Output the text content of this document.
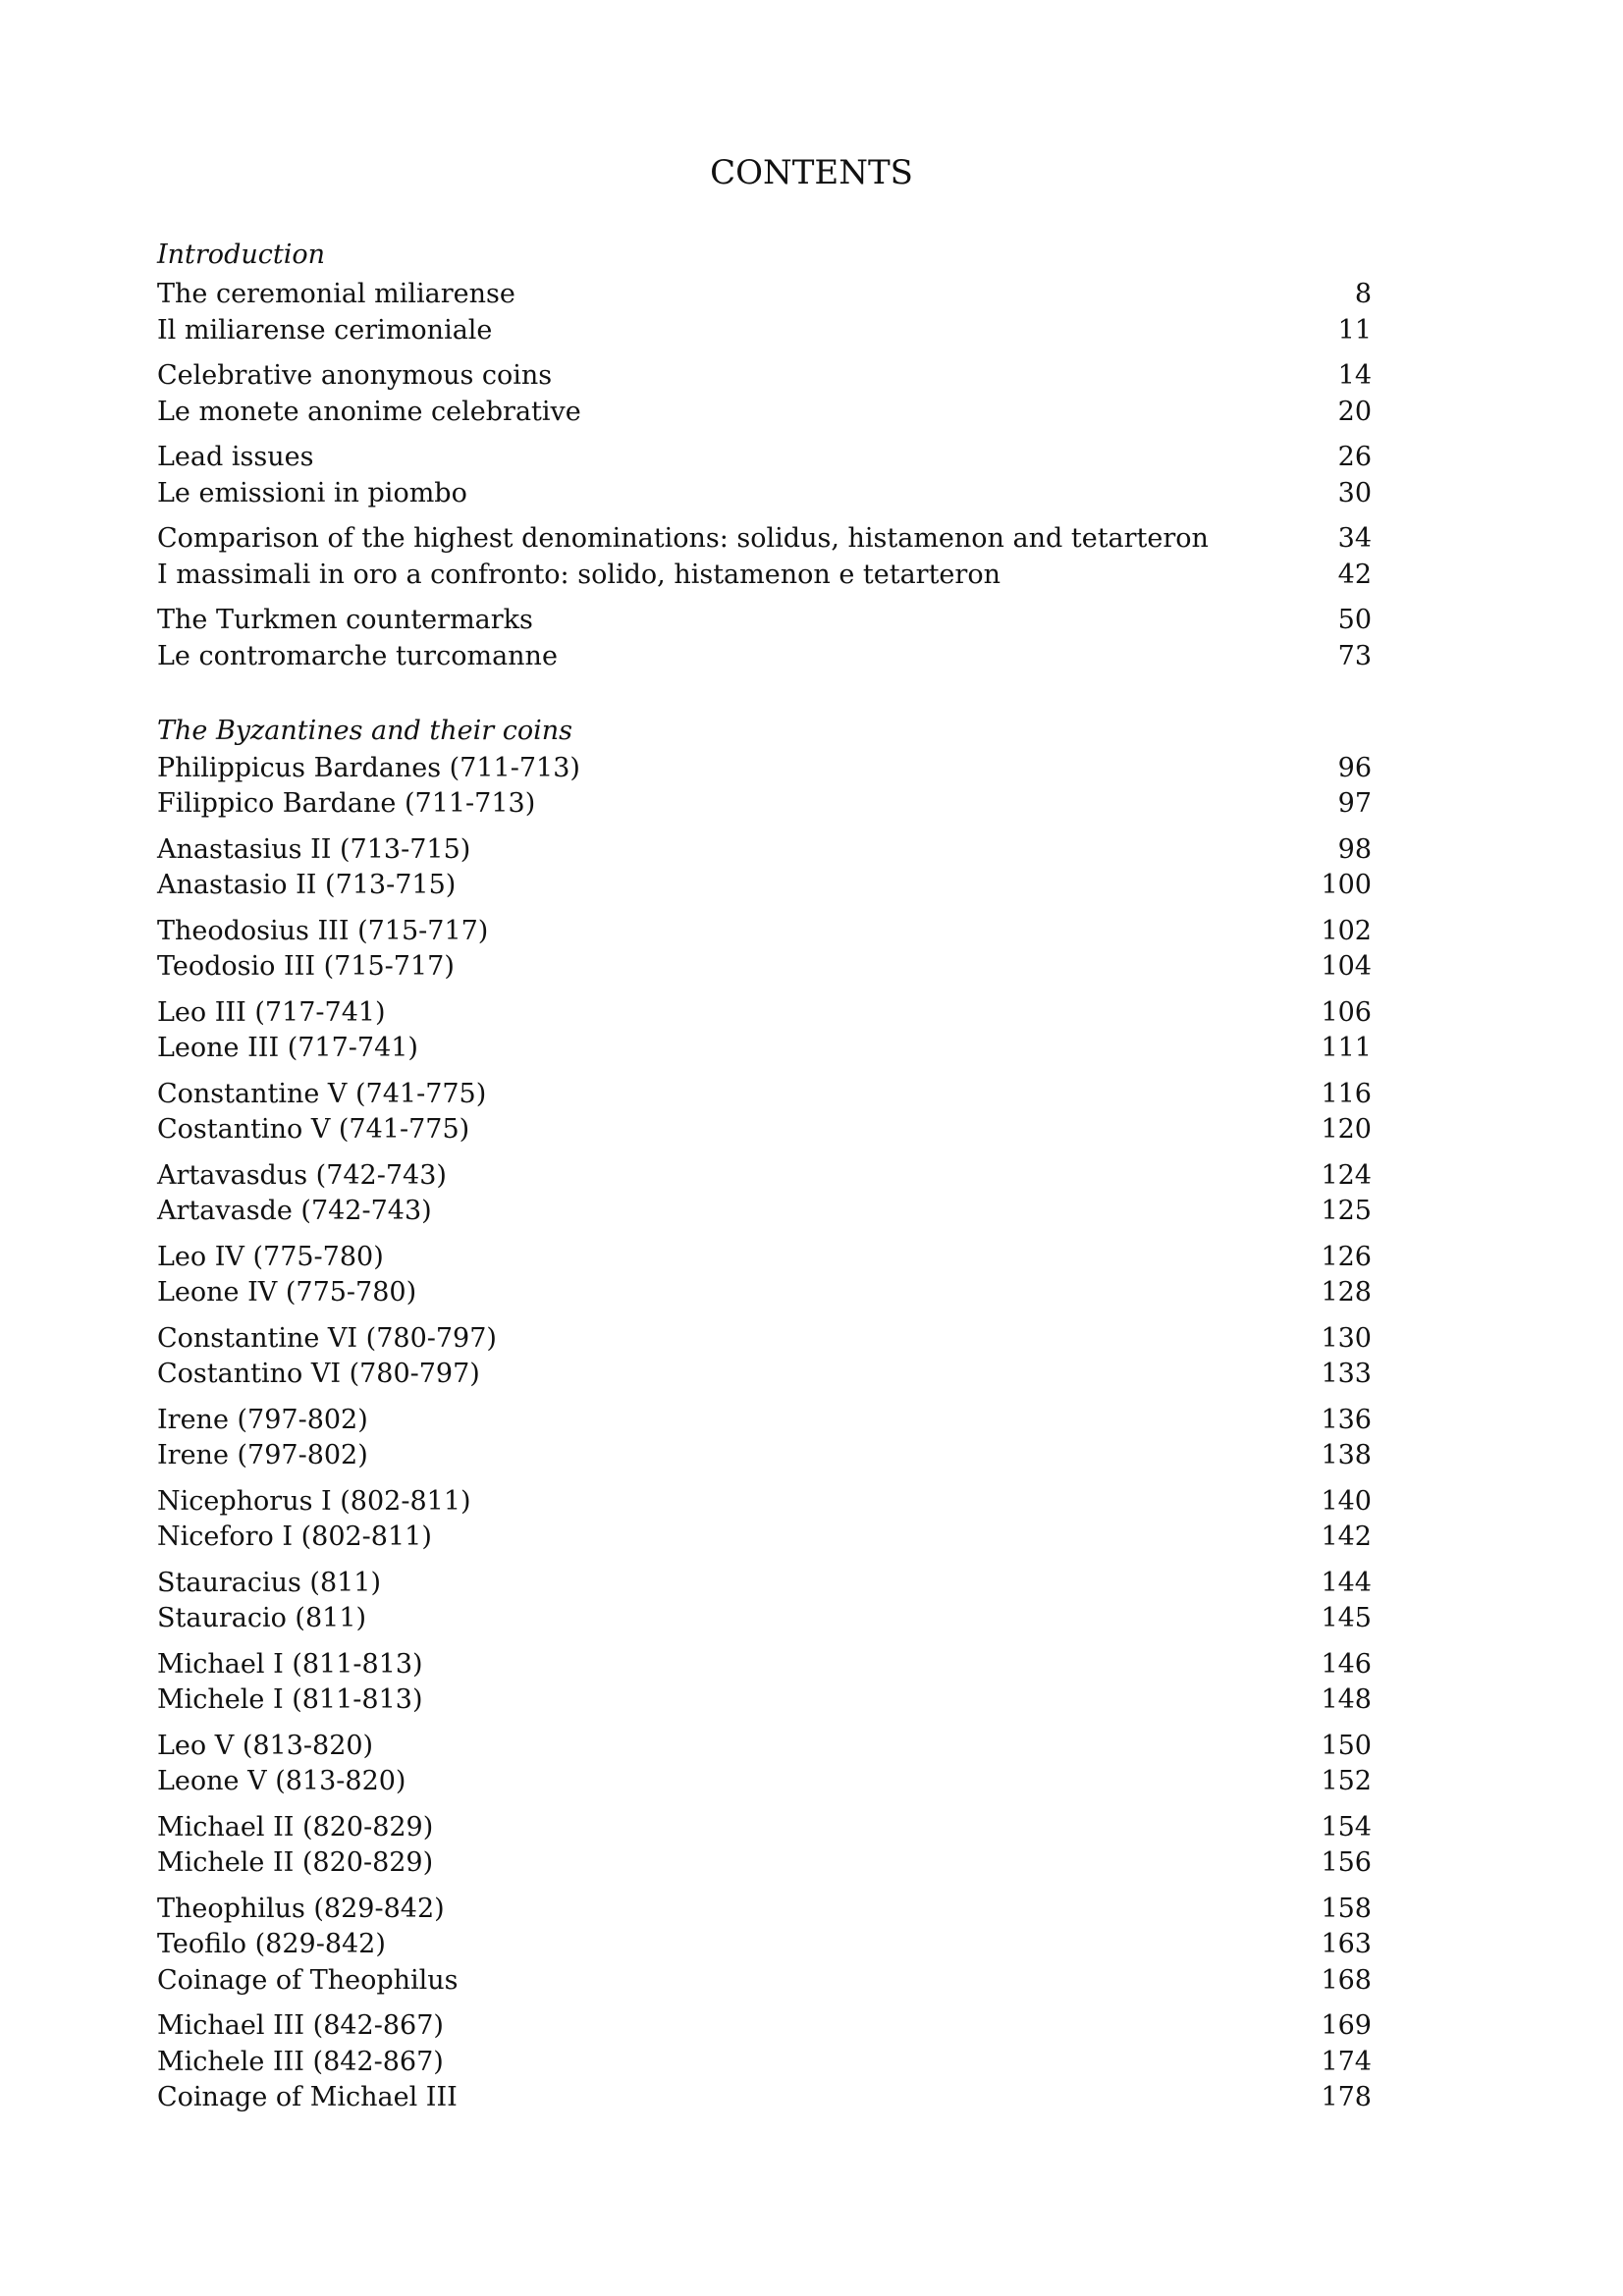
CONTENTS
Introduction
The ceremonial miliarense	8
Il miliarense cerimoniale	11
Celebrative anonymous coins	14
Le monete anonime celebrative	20
Lead issues	26
Le emissioni in piombo	30
Comparison of the highest denominations: solidus, histamenon and tetarteron	34
I massimali in oro a confronto: solido, histamenon e tetarteron	42
The Turkmen countermarks	50
Le contromarche turcomanne	73
The Byzantines and their coins
Philippicus Bardanes (711-713)	96
Filippico Bardane (711-713)	97
Anastasius II (713-715)	98
Anastasio II (713-715)	100
Theodosius III (715-717)	102
Teodosio III (715-717)	104
Leo III (717-741)	106
Leone III (717-741)	111
Constantine V (741-775)	116
Costantino V (741-775)	120
Artavasdus (742-743)	124
Artavasde (742-743)	125
Leo IV (775-780)	126
Leone IV (775-780)	128
Constantine VI (780-797)	130
Costantino VI (780-797)	133
Irene (797-802)	136
Irene (797-802)	138
Nicephorus I (802-811)	140
Niceforo I (802-811)	142
Stauracius (811)	144
Stauracio (811)	145
Michael I (811-813)	146
Michele I (811-813)	148
Leo V (813-820)	150
Leone V (813-820)	152
Michael II (820-829)	154
Michele II (820-829)	156
Theophilus (829-842)	158
Teofilo (829-842)	163
Coinage of Theophilus	168
Michael III (842-867)	169
Michele III (842-867)	174
Coinage of Michael III	178
